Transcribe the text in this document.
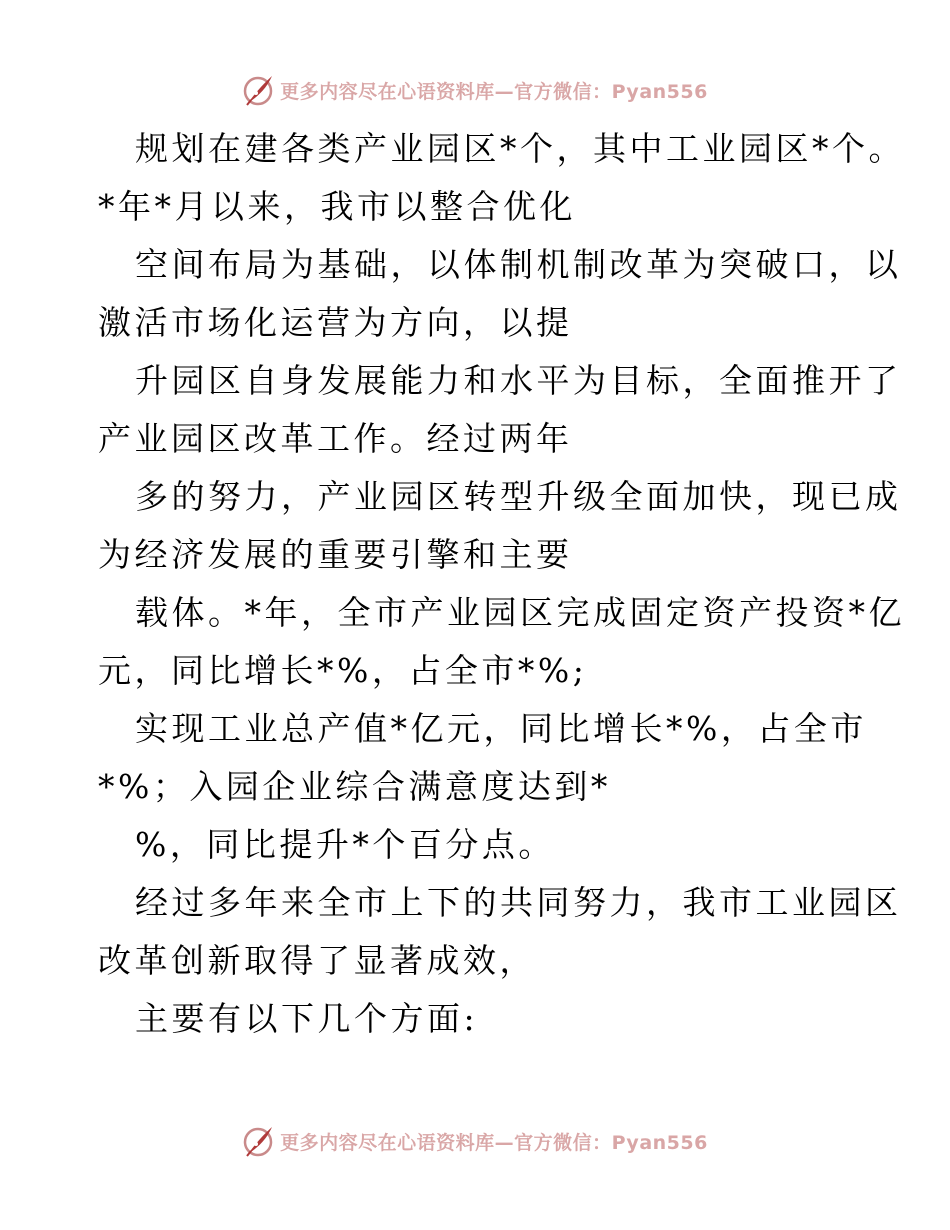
更多内容尽在心语资料库—官方微信：Pyan556
规划在建各类产业园区*个，其中工业园区*个。
*年*月以来，我市以整合优化
空间布局为基础，以体制机制改革为突破口，以
激活市场化运营为方向，以提
升园区自身发展能力和水平为目标，全面推开了
产业园区改革工作。经过两年
多的努力，产业园区转型升级全面加快，现已成
为经济发展的重要引擎和主要
载体。*年，全市产业园区完成固定资产投资*亿
元，同比增长*%，占全市*%;
实现工业总产值*亿元，同比增长*%，占全市
*%；入园企业综合满意度达到*
%，同比提升*个百分点。
经过多年来全市上下的共同努力，我市工业园区
改革创新取得了显著成效，
主要有以下几个方面:
更多内容尽在心语资料库—官方微信：Pyan556
